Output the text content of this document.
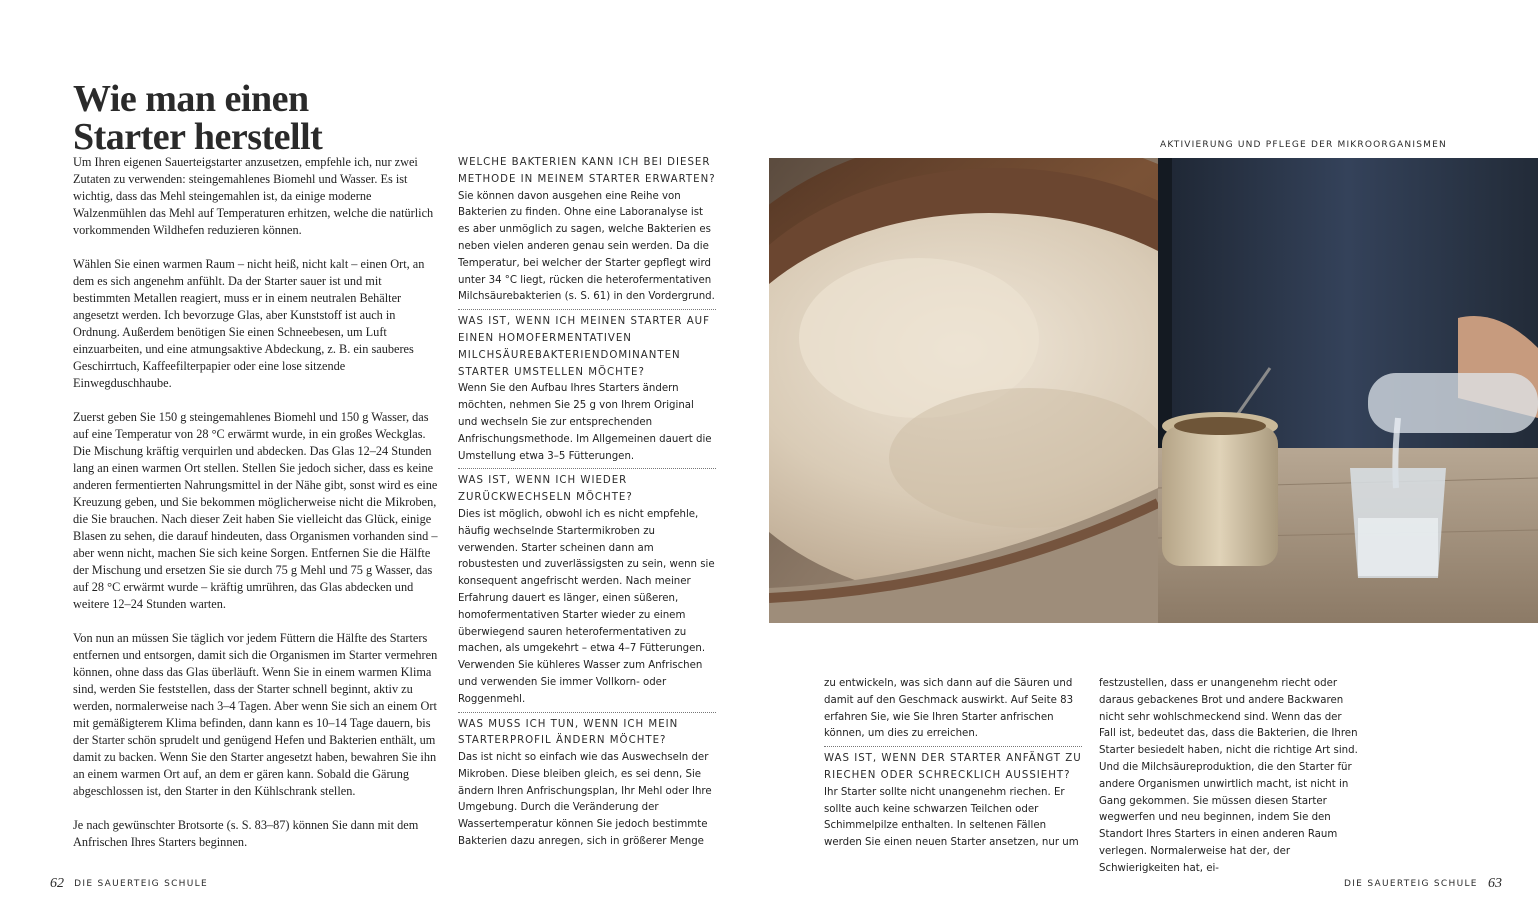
Wie man einen
Starter herstellt

Um Ihren eigenen Sauerteigstarter anzusetzen, empfehle ich, nur zwei Zutaten zu verwenden: steingemahlenes Biomehl und Wasser. Es ist wichtig, dass das Mehl steingemahlen ist, da einige moderne Walzenmühlen das Mehl auf Temperaturen erhitzen, welche die natürlich vorkommenden Wildhefen reduzieren können.

Wählen Sie einen warmen Raum – nicht heiß, nicht kalt – einen Ort, an dem es sich angenehm anfühlt. Da der Starter sauer ist und mit bestimmten Metallen reagiert, muss er in einem neutralen Behälter angesetzt werden. Ich bevorzuge Glas, aber Kunststoff ist auch in Ordnung. Außerdem benötigen Sie einen Schneebesen, um Luft einzuarbeiten, und eine atmungsaktive Abdeckung, z. B. ein sauberes Geschirrtuch, Kaffeefilterpapier oder eine lose sitzende Einwegduschhaube.

Zuerst geben Sie 150 g steingemahlenes Biomehl und 150 g Wasser, das auf eine Temperatur von 28 °C erwärmt wurde, in ein großes Weckglas. Die Mischung kräftig verquirlen und abdecken. Das Glas 12–24 Stunden lang an einen warmen Ort stellen. Stellen Sie jedoch sicher, dass es keine anderen fermentierten Nahrungsmittel in der Nähe gibt, sonst wird es eine Kreuzung geben, und Sie bekommen möglicherweise nicht die Mikroben, die Sie brauchen. Nach dieser Zeit haben Sie vielleicht das Glück, einige Blasen zu sehen, die darauf hindeuten, dass Organismen vorhanden sind – aber wenn nicht, machen Sie sich keine Sorgen. Entfernen Sie die Hälfte der Mischung und ersetzen Sie sie durch 75 g Mehl und 75 g Wasser, das auf 28 °C erwärmt wurde – kräftig umrühren, das Glas abdecken und weitere 12–24 Stunden warten.

Von nun an müssen Sie täglich vor jedem Füttern die Hälfte des Starters entfernen und entsorgen, damit sich die Organismen im Starter vermehren können, ohne dass das Glas überläuft. Wenn Sie in einem warmen Klima sind, werden Sie feststellen, dass der Starter schnell beginnt, aktiv zu werden, normalerweise nach 3–4 Tagen. Aber wenn Sie sich an einem Ort mit gemäßigterem Klima befinden, dann kann es 10–14 Tage dauern, bis der Starter schön sprudelt und genügend Hefen und Bakterien enthält, um damit zu backen. Wenn Sie den Starter angesetzt haben, bewahren Sie ihn an einem warmen Ort auf, an dem er gären kann. Sobald die Gärung abgeschlossen ist, den Starter in den Kühlschrank stellen.

Je nach gewünschter Brotsorte (s. S. 83–87) können Sie dann mit dem Anfrischen Ihres Starters beginnen.

WELCHE BAKTERIEN KANN ICH BEI DIESER METHODE IN MEINEM STARTER ERWARTEN?
Sie können davon ausgehen eine Reihe von Bakterien zu finden. Ohne eine Laboranalyse ist es aber unmöglich zu sagen, welche Bakterien es neben vielen anderen genau sein werden. Da die Temperatur, bei welcher der Starter gepflegt wird unter 34 °C liegt, rücken die heterofermentativen Milchsäurebakterien (s. S. 61) in den Vordergrund.
WAS IST, WENN ICH MEINEN STARTER AUF EINEN HOMOFERMENTATIVEN MILCHSÄUREBAKTERIENDOMINANTEN STARTER UMSTELLEN MÖCHTE?
Wenn Sie den Aufbau Ihres Starters ändern möchten, nehmen Sie 25 g von Ihrem Original und wechseln Sie zur entsprechenden Anfrischungsmethode. Im Allgemeinen dauert die Umstellung etwa 3–5 Fütterungen.
WAS IST, WENN ICH WIEDER ZURÜCKWECHSELN MÖCHTE?
Dies ist möglich, obwohl ich es nicht empfehle, häufig wechselnde Startermikroben zu verwenden. Starter scheinen dann am robustesten und zuverlässigsten zu sein, wenn sie konsequent angefrischt werden. Nach meiner Erfahrung dauert es länger, einen süßeren, homofermentativen Starter wieder zu einem überwiegend sauren heterofermentativen zu machen, als umgekehrt – etwa 4–7 Fütterungen. Verwenden Sie kühleres Wasser zum Anfrischen und verwenden Sie immer Vollkorn- oder Roggenmehl.
WAS MUSS ICH TUN, WENN ICH MEIN STARTERPROFIL ÄNDERN MÖCHTE?
Das ist nicht so einfach wie das Auswechseln der Mikroben. Diese bleiben gleich, es sei denn, Sie ändern Ihren Anfrischungsplan, Ihr Mehl oder Ihre Umgebung. Durch die Veränderung der Wassertemperatur können Sie jedoch bestimmte Bakterien dazu anregen, sich in größerer Menge
AKTIVIERUNG UND PFLEGE DER MIKROORGANISMEN
zu entwickeln, was sich dann auf die Säuren und damit auf den Geschmack auswirkt. Auf Seite 83 erfahren Sie, wie Sie Ihren Starter anfrischen können, um dies zu erreichen.
WAS IST, WENN DER STARTER ANFÄNGT ZU RIECHEN ODER SCHRECKLICH AUSSIEHT?
Ihr Starter sollte nicht unangenehm riechen. Er sollte auch keine schwarzen Teilchen oder Schimmelpilze enthalten. In seltenen Fällen werden Sie einen neuen Starter ansetzen, nur um
festzustellen, dass er unangenehm riecht oder daraus gebackenes Brot und andere Backwaren nicht sehr wohlschmeckend sind. Wenn das der Fall ist, bedeutet das, dass die Bakterien, die Ihren Starter besiedelt haben, nicht die richtige Art sind. Und die Milchsäureproduktion, die den Starter für andere Organismen unwirtlich macht, ist nicht in Gang gekommen. Sie müssen diesen Starter wegwerfen und neu beginnen, indem Sie den Standort Ihres Starters in einen anderen Raum verlegen. Normalerweise hat der, der Schwierigkeiten hat, ei-
62 DIE SAUERTEIG SCHULE	DIE SAUERTEIG SCHULE 63
